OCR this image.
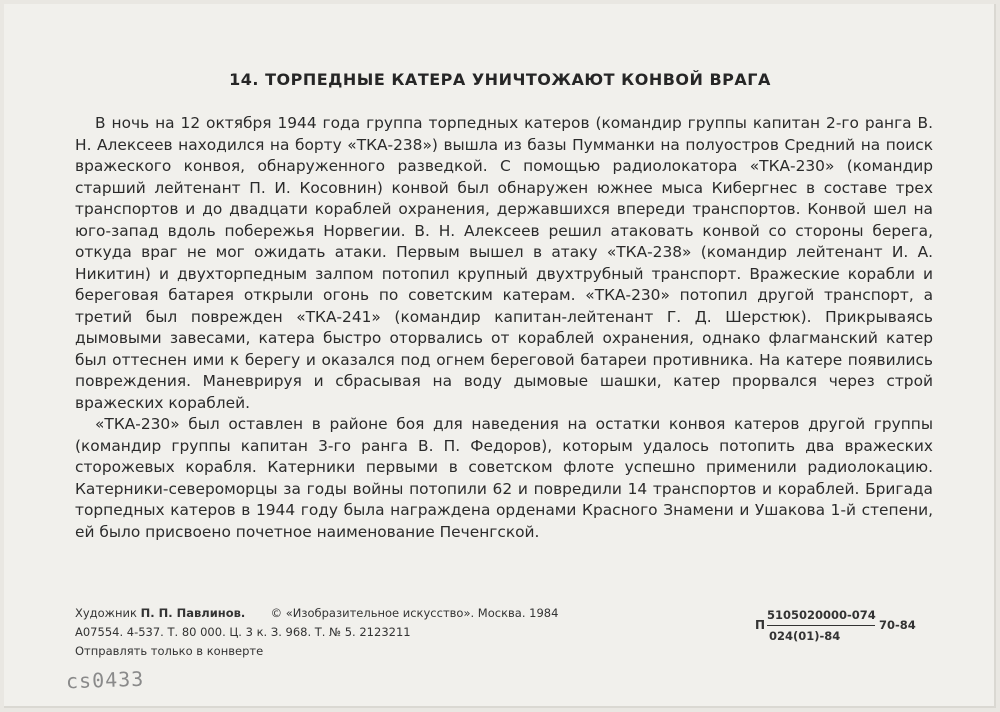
14. ТОРПЕДНЫЕ КАТЕРА УНИЧТОЖАЮТ КОНВОЙ ВРАГА

В ночь на 12 октября 1944 года группа торпедных катеров (командир группы капитан 2-го ранга В. Н. Алексеев находился на борту «ТКА-238») вышла из базы Пумманки на полуостров Средний на поиск вражеского конвоя, обнаруженного разведкой. С помощью радиолокатора «ТКА-230» (командир старший лейтенант П. И. Косовнин) конвой был обнаружен южнее мыса Кибергнес в составе трех транспортов и до двадцати кораблей охранения, державшихся впереди транспортов. Конвой шел на юго-запад вдоль побережья Норвегии. В. Н. Алексеев решил атаковать конвой со стороны берега, откуда враг не мог ожидать атаки. Первым вышел в атаку «ТКА-238» (командир лейтенант И. А. Никитин) и двухторпедным залпом потопил крупный двухтрубный транспорт. Вражеские корабли и береговая батарея открыли огонь по советским катерам. «ТКА-230» потопил другой транспорт, а третий был поврежден «ТКА-241» (командир капитан-лейтенант Г. Д. Шерстюк). Прикрываясь дымовыми завесами, катера быстро оторвались от кораблей охранения, однако флагманский катер был оттеснен ими к берегу и оказался под огнем береговой батареи противника. На катере появились повреждения. Маневрируя и сбрасывая на воду дымовые шашки, катер прорвался через строй вражеских кораблей.

«ТКА-230» был оставлен в районе боя для наведения на остатки конвоя катеров другой группы (командир группы капитан 3-го ранга В. П. Федоров), которым удалось потопить два вражеских сторожевых корабля. Катерники первыми в советском флоте успешно применили радиолокацию. Катерники-североморцы за годы войны потопили 62 и повредили 14 транспортов и кораблей. Бригада торпедных катеров в 1944 году была награждена орденами Красного Знамени и Ушакова 1-й степени, ей было присвоено почетное наименование Печенгской.

Художник П. П. Павлинов. © «Изобразительное искусство». Москва. 1984
А07554. 4-537. Т. 80 000. Ц. 3 к. З. 968. Т. № 5. 2123211
Отправлять только в конверте
П
5105020000-074
024(01)-84
70-84
cs0433
